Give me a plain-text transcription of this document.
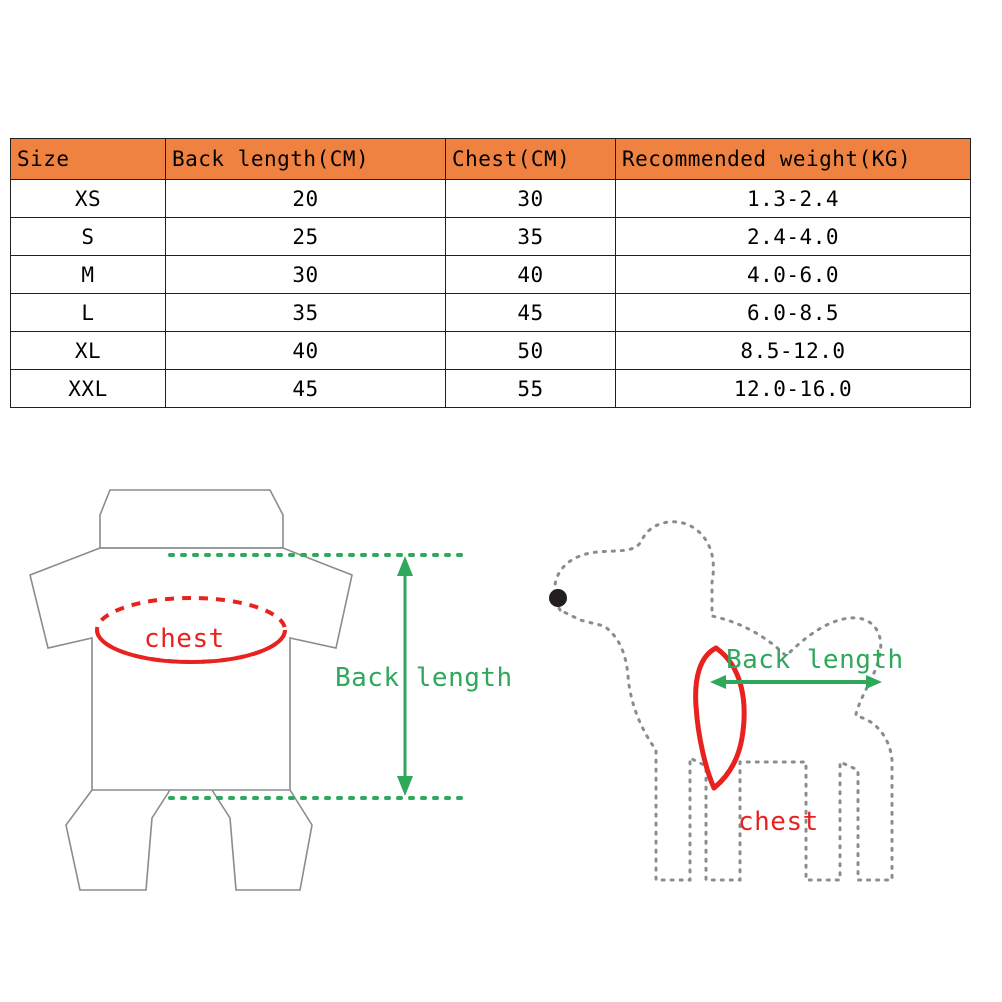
Size	Back length(CM)	Chest(CM)	Recommended weight(KG)
XS	20	30	1.3-2.4
S	25	35	2.4-4.0
M	30	40	4.0-6.0
L	35	45	6.0-8.5
XL	40	50	8.5-12.0
XXL	45	55	12.0-16.0
chest
Back length
chest
Back length
